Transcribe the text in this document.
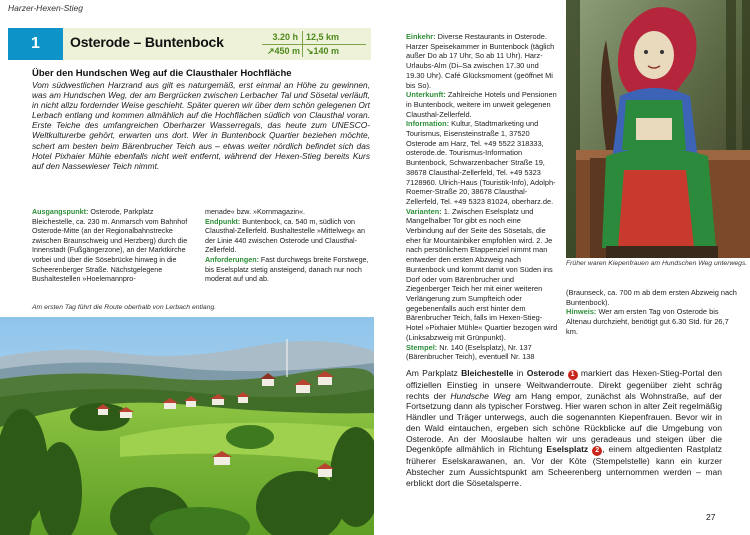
Harzer-Hexen-Stieg
1	Osterode – Buntenbock	3.20 h 12,5 km
↗450 m ↘140 m
Über den Hundschen Weg auf die Clausthaler Hochfläche
Vom südwestlichen Harzrand aus gilt es naturgemäß, erst einmal an Höhe zu gewinnen, was am Hundschen Weg, der am Bergrücken zwischen Lerbacher Tal und Sösetal verläuft, in nicht allzu fordernder Weise geschieht. Später queren wir über dem schön gelegenen Ort Lerbach entlang und kommen allmählich auf die Hochflächen südlich von Clausthal voran. Erste Teiche des umfangreichen Oberharzer Wasserregals, das heute zum UNESCO-Weltkulturerbe gehört, erwarten uns dort. Wer in Buntenbock Quartier beziehen möchte, schert am besten beim Bärenbrucher Teich aus – etwas weiter nördlich befindet sich das Hotel Pixhaier Mühle ebenfalls nicht weit entfernt, während der Hexen-Stieg bereits Kurs auf den Nassewieser Teich nimmt.
Ausgangspunkt: Osterode, Parkplatz Bleichestelle, ca. 230 m. Anmarsch vom Bahnhof Osterode-Mitte (an der Regionalbahnstrecke zwischen Braunschweig und Herzberg) durch die Innenstadt (Fußgängerzone), an der Marktkirche vorbei und über die Sösebrücke hinweg in die Scheerenberger Straße. Nächstgelegene Bushaltestellen »Hoelemannpro-
menade« bzw. »Kornmagazin«.
Endpunkt: Buntenbock, ca. 540 m, südlich von Clausthal-Zellerfeld. Bushaltestelle »Mittelweg« an der Linie 440 zwischen Osterode und Clausthal-Zellerfeld.
Anforderungen: Fast durchwegs breite Forstwege, bis Eselsplatz stetig ansteigend, danach nur noch moderat auf und ab.
Am ersten Tag führt die Route oberhalb von Lerbach entlang.
Einkehr: Diverse Restaurants in Osterode. Harzer Speisekammer in Buntenbock (täglich außer Do ab 17 Uhr, So ab 11 Uhr). Harz-Urlaubs-Alm (Di–Sa zwischen 17.30 und 19.30 Uhr). Café Glücksmoment (geöffnet Mi bis So).
Unterkunft: Zahlreiche Hotels und Pensionen in Buntenbock, weitere im unweit gelegenen Clausthal-Zellerfeld.
Information: Kultur, Stadtmarketing und Tourismus, Eisensteinstraße 1, 37520 Osterode am Harz, Tel. +49 5522 318333, osterode.de. Tourismus-Information Buntenbock, Schwarzenbacher Straße 19, 38678 Clausthal-Zellerfeld, Tel. +49 5323 7128960. Ulrich-Haus (Touristik-Info), Adolph-Roemer-Straße 20, 38678 Clausthal-Zellerfeld, Tel. +49 5323 81024, oberharz.de.
Varianten: 1. Zwischen Eselsplatz und Mangelhalber Tor gibt es noch eine Verbindung auf der Seite des Sösetals, die eher für Mountainbiker empfohlen wird. 2. Je nach persönlichem Etappenziel nimmt man entweder den ersten Abzweig nach Buntenbock und kommt damit von Süden ins Dorf oder vom Bärenbrucher und Ziegenberger Teich her mit einer weiteren Verlängerung zum Sumpfteich oder gegebenenfalls auch erst hinter dem Bärenbrucher Teich, falls im Hexen-Stieg-Hotel »Pixhaier Mühle« Quartier bezogen wird (Linksabzweig mit Grünpunkt).
Stempel: Nr. 140 (Eselsplatz), Nr. 137 (Bärenbrucher Teich), eventuell Nr. 138
Früher waren Kiepenfrauen am Hundschen Weg unterwegs.
(Braunseck, ca. 700 m ab dem ersten Abzweig nach Buntenbock).
Hinweis: Wer am ersten Tag von Osterode bis Altenau durchzieht, benötigt gut 6.30 Std. für 26,7 km.
Am Parkplatz Bleichestelle in Osterode 1 markiert das Hexen-Stieg-Portal den offiziellen Einstieg in unsere Weitwanderroute. Direkt gegenüber zieht schräg rechts der Hundsche Weg am Hang empor, zunächst als Wohnstraße, auf der Fortsetzung dann als typischer Forstweg. Hier waren schon in alter Zeit regelmäßig Händler und Träger unterwegs, auch die sogenannten Kiepenfrauen. Bevor wir in den Wald eintauchen, ergeben sich schöne Rückblicke auf die Umgebung von Osterode. An der Mooslaube halten wir uns geradeaus und steigen über die Degenköpfe allmählich in Richtung Eselsplatz 2 , einem altgedienten Rastplatz früherer Eselskarawanen, an. Vor der Köte (Stempelstelle) kann ein kurzer Abstecher zum Aussichtspunkt am Scheerenberg unternommen werden – man erblickt dort die Sösetalsperre.
27
